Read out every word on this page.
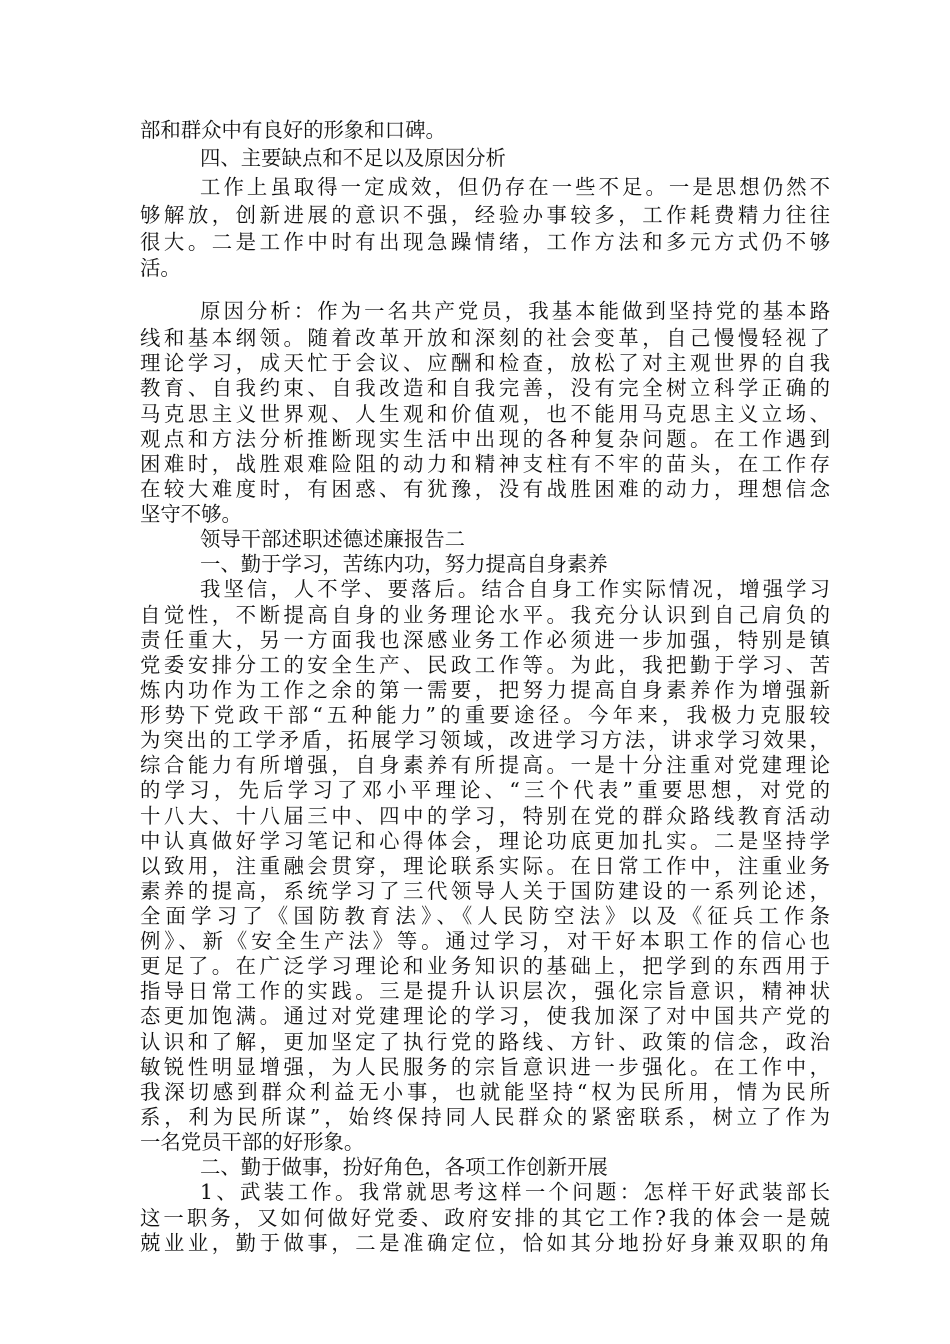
部和群众中有良好的形象和口碑。
四、主要缺点和不足以及原因分析
工作上虽取得一定成效，但仍存在一些不足。一是思想仍然不
够解放，创新进展的意识不强，经验办事较多，工作耗费精力往往
很大。二是工作中时有出现急躁情绪，工作方法和多元方式仍不够
活。
原因分析：作为一名共产党员，我基本能做到坚持党的基本路
线和基本纲领。随着改革开放和深刻的社会变革，自己慢慢轻视了
理论学习，成天忙于会议、应酬和检查，放松了对主观世界的自我
教育、自我约束、自我改造和自我完善，没有完全树立科学正确的
马克思主义世界观、人生观和价值观，也不能用马克思主义立场、
观点和方法分析推断现实生活中出现的各种复杂问题。在工作遇到
困难时，战胜艰难险阻的动力和精神支柱有不牢的苗头，在工作存
在较大难度时，有困惑、有犹豫，没有战胜困难的动力，理想信念
坚守不够。
领导干部述职述德述廉报告二
一、勤于学习，苦练内功，努力提高自身素养
我坚信，人不学、要落后。结合自身工作实际情况，增强学习
自觉性，不断提高自身的业务理论水平。我充分认识到自己肩负的
责任重大，另一方面我也深感业务工作必须进一步加强，特别是镇
党委安排分工的安全生产、民政工作等。为此，我把勤于学习、苦
炼内功作为工作之余的第一需要，把努力提高自身素养作为增强新
形势下党政干部“五种能力”的重要途径。今年来，我极力克服较
为突出的工学矛盾，拓展学习领域，改进学习方法，讲求学习效果，
综合能力有所增强，自身素养有所提高。一是十分注重对党建理论
的学习，先后学习了邓小平理论、“三个代表”重要思想，对党的
十八大、十八届三中、四中的学习，特别在党的群众路线教育活动
中认真做好学习笔记和心得体会，理论功底更加扎实。二是坚持学
以致用，注重融会贯穿，理论联系实际。在日常工作中，注重业务
素养的提高，系统学习了三代领导人关于国防建设的一系列论述，
全面学习了《国防教育法》、《人民防空法》以及《征兵工作条
例》、新《安全生产法》等。通过学习，对干好本职工作的信心也
更足了。在广泛学习理论和业务知识的基础上，把学到的东西用于
指导日常工作的实践。三是提升认识层次，强化宗旨意识，精神状
态更加饱满。通过对党建理论的学习，使我加深了对中国共产党的
认识和了解，更加坚定了执行党的路线、方针、政策的信念，政治
敏锐性明显增强，为人民服务的宗旨意识进一步强化。在工作中，
我深切感到群众利益无小事，也就能坚持“权为民所用，情为民所
系，利为民所谋”，始终保持同人民群众的紧密联系，树立了作为
一名党员干部的好形象。
二、勤于做事，扮好角色，各项工作创新开展
1、武装工作。我常就思考这样一个问题：怎样干好武装部长
这一职务，又如何做好党委、政府安排的其它工作?我的体会一是兢
兢业业，勤于做事，二是准确定位，恰如其分地扮好身兼双职的角
